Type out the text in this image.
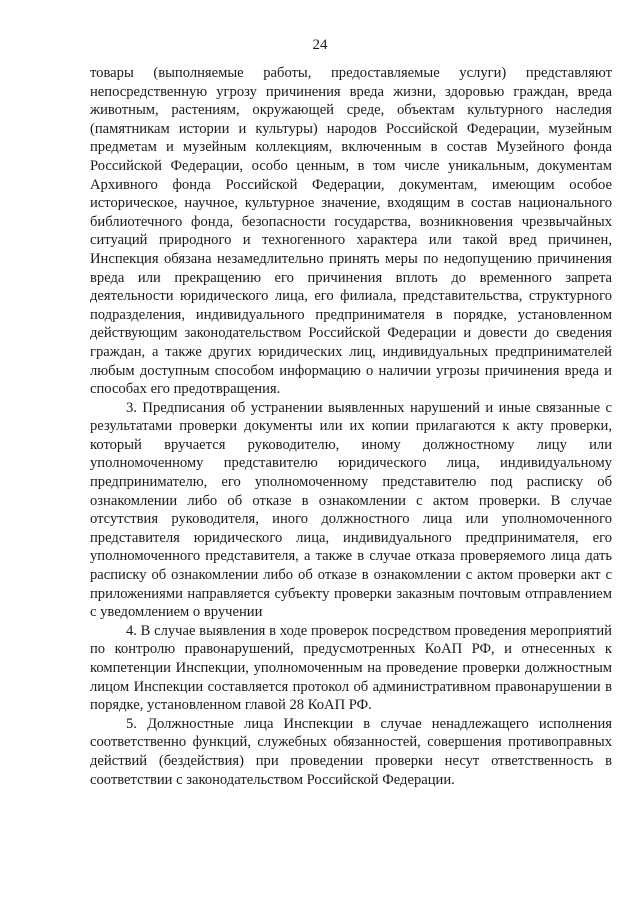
24

товары (выполняемые работы, предоставляемые услуги) представляют непосредственную угрозу причинения вреда жизни, здоровью граждан, вреда животным, растениям, окружающей среде, объектам культурного наследия (памятникам истории и культуры) народов Российской Федерации, музейным предметам и музейным коллекциям, включенным в состав Музейного фонда Российской Федерации, особо ценным, в том числе уникальным, документам Архивного фонда Российской Федерации, документам, имеющим особое историческое, научное, культурное значение, входящим в состав национального библиотечного фонда, безопасности государства, возникновения чрезвычайных ситуаций природного и техногенного характера или такой вред причинен, Инспекция обязана незамедлительно принять меры по недопущению причинения вреда или прекращению его причинения вплоть до временного запрета деятельности юридического лица, его филиала, представительства, структурного подразделения, индивидуального предпринимателя в порядке, установленном действующим законодательством Российской Федерации и довести до сведения граждан, а также других юридических лиц, индивидуальных предпринимателей любым доступным способом информацию о наличии угрозы причинения вреда и способах его предотвращения.

3. Предписания об устранении выявленных нарушений и иные связанные с результатами проверки документы или их копии прилагаются к акту проверки, который вручается руководителю, иному должностному лицу или уполномоченному представителю юридического лица, индивидуальному предпринимателю, его уполномоченному представителю под расписку об ознакомлении либо об отказе в ознакомлении с актом проверки. В случае отсутствия руководителя, иного должностного лица или уполномоченного представителя юридического лица, индивидуального предпринимателя, его уполномоченного представителя, а также в случае отказа проверяемого лица дать расписку об ознакомлении либо об отказе в ознакомлении с актом проверки акт с приложениями направляется субъекту проверки заказным почтовым отправлением с уведомлением о вручении

4. В случае выявления в ходе проверок посредством проведения мероприятий по контролю правонарушений, предусмотренных КоАП РФ, и отнесенных к компетенции Инспекции, уполномоченным на проведение проверки должностным лицом Инспекции составляется протокол об административном правонарушении в порядке, установленном главой 28 КоАП РФ.

5. Должностные лица Инспекции в случае ненадлежащего исполнения соответственно функций, служебных обязанностей, совершения противоправных действий (бездействия) при проведении проверки несут ответственность в соответствии с законодательством Российской Федерации.
